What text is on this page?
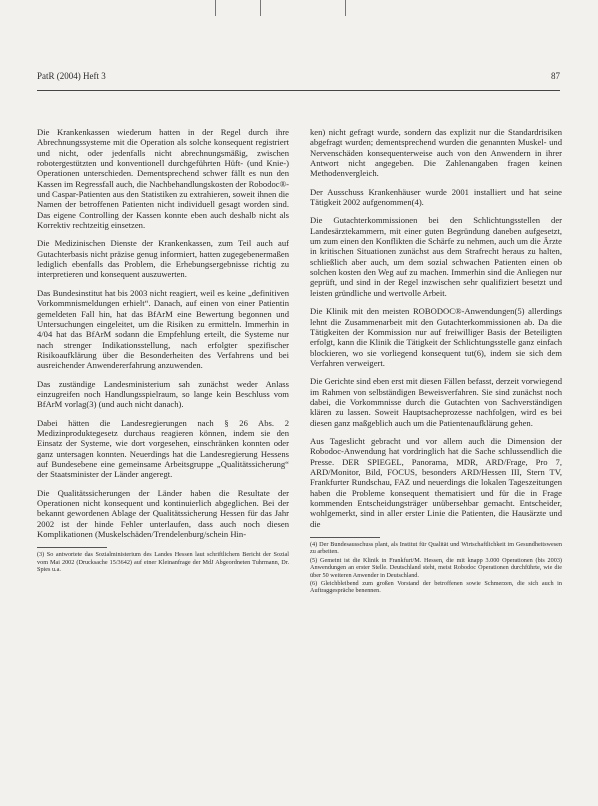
PatR (2004) Heft 3	87

Die Krankenkassen wiederum hatten in der Regel durch ihre Abrechnungssysteme mit die Operation als solche konsequent registriert und nicht, oder jedenfalls nicht abrechnungsmäßig, zwischen robotergestützten und konventionell durchgeführten Hüft- (und Knie-) Operationen unterschieden. Dementsprechend schwer fällt es nun den Kassen im Regressfall auch, die Nachbehandlungskosten der Robodoc®- und Caspar-Patienten aus den Statistiken zu extrahieren, soweit ihnen die Namen der betroffenen Patienten nicht individuell gesagt worden sind. Das eigene Controlling der Kassen konnte eben auch deshalb nicht als Korrektiv rechtzeitig einsetzen.

Die Medizinischen Dienste der Krankenkassen, zum Teil auch auf Gutachterbasis nicht präzise genug informiert, hatten zugegebenermaßen lediglich ebenfalls das Problem, die Erhebungsergebnisse richtig zu interpretieren und konsequent auszuwerten.

Das Bundesinstitut hat bis 2003 nicht reagiert, weil es keine „definitiven Vorkommnismeldungen erhielt“. Danach, auf einen von einer Patientin gemeldeten Fall hin, hat das BfArM eine Bewertung begonnen und Untersuchungen eingeleitet, um die Risiken zu ermitteln. Immerhin in 4/04 hat das BfArM sodann die Empfehlung erteilt, die Systeme nur nach strenger Indikationsstellung, nach erfolgter spezifischer Risikoaufklärung über die Besonderheiten des Verfahrens und bei ausreichender Anwendererfahrung anzuwenden.

Das zuständige Landesministerium sah zunächst weder Anlass einzugreifen noch Handlungsspielraum, so lange kein Beschluss vom BfArM vorlag(3) (und auch nicht danach).

Dabei hätten die Landesregierungen nach § 26 Abs. 2 Medizinproduktegesetz durchaus reagieren können, indem sie den Einsatz der Systeme, wie dort vorgesehen, einschränken konnten oder ganz untersagen konnten. Neuerdings hat die Landesregierung Hessens auf Bundesebene eine gemeinsame Arbeitsgruppe „Qualitätssicherung“ der Staatsminister der Länder angeregt.

Die Qualitätssicherungen der Länder haben die Resultate der Operationen nicht konsequent und kontinuierlich abgeglichen. Bei der bekannt gewordenen Ablage der Qualitätssicherung Hessen für das Jahr 2002 ist der hinde Fehler unterlaufen, dass auch noch diesen Komplikationen (Muskelschäden/Trendelenburg/schein Hin-

(3) So antwortete das Sozialministerium des Landes Hessen laut schriftlichem Bericht der Sozial vom Mai 2002 (Drucksache 15/3642) auf einer Kleinanfrage der MdJ Abgeordneten Tuhrmann, Dr. Spies u.a.

ken) nicht gefragt wurde, sondern das explizit nur die Standardrisiken abgefragt wurden; dementsprechend wurden die genannten Muskel- und Nervenschäden konsequenterweise auch von den Anwendern in ihrer Antwort nicht angegeben. Die Zahlenangaben fragen keinen Methodenvergleich.

Der Ausschuss Krankenhäuser wurde 2001 installiert und hat seine Tätigkeit 2002 aufgenommen(4).

Die Gutachterkommissionen bei den Schlichtungsstellen der Landesärztekammern, mit einer guten Begründung daneben aufgesetzt, um zum einen den Konflikten die Schärfe zu nehmen, auch um die Ärzte in kritischen Situationen zunächst aus dem Strafrecht heraus zu halten, schließlich aber auch, um dem sozial schwachen Patienten einen ob solchen kosten den Weg auf zu machen. Immerhin sind die Anliegen nur geprüft, und sind in der Regel inzwischen sehr qualifiziert besetzt und leisten gründliche und wertvolle Arbeit.

Die Klinik mit den meisten ROBODOC®-Anwendungen(5) allerdings lehnt die Zusammenarbeit mit den Gutachterkommissionen ab. Da die Tätigkeiten der Kommission nur auf freiwilliger Basis der Beteiligten erfolgt, kann die Klinik die Tätigkeit der Schlichtungsstelle ganz einfach blockieren, wo sie vorliegend konsequent tut(6), indem sie sich dem Verfahren verweigert.

Die Gerichte sind eben erst mit diesen Fällen befasst, derzeit vorwiegend im Rahmen von selbständigen Beweisverfahren. Sie sind zunächst noch dabei, die Vorkommnisse durch die Gutachten von Sachverständigen klären zu lassen. Soweit Hauptsacheprozesse nachfolgen, wird es bei diesen ganz maßgeblich auch um die Patientenaufklärung gehen.

Aus Tageslicht gebracht und vor allem auch die Dimension der Robodoc-Anwendung hat vordringlich hat die Sache schlussendlich die Presse. DER SPIEGEL, Panorama, MDR, ARD/Frage, Pro 7, ARD/Monitor, Bild, FOCUS, besonders ARD/Hessen III, Stern TV, Frankfurter Rundschau, FAZ und neuerdings die lokalen Tageszeitungen haben die Probleme konsequent thematisiert und für die in Frage kommenden Entscheidungsträger unübersehbar gemacht. Entscheider, wohlgemerkt, sind in aller erster Linie die Patienten, die Hausärzte und die

(4) Der Bundesausschuss plant, als Institut für Qualität und Wirtschaftlichkeit im Gesundheitswesen zu arbeiten.
(5) Gemeint ist die Klinik in Frankfurt/M. Hessen, die mit knapp 3.000 Operationen (bis 2003) Anwendungen an erster Stelle. Deutschland steht, meist Robodoc Operationen durchführte, wie die über 50 weiteren Anwender in Deutschland.
(6) Gleichbleibend zum großen Vorstand der betroffenen sowie Schmerzen, die sich auch in Auftraggespräche benennen.
